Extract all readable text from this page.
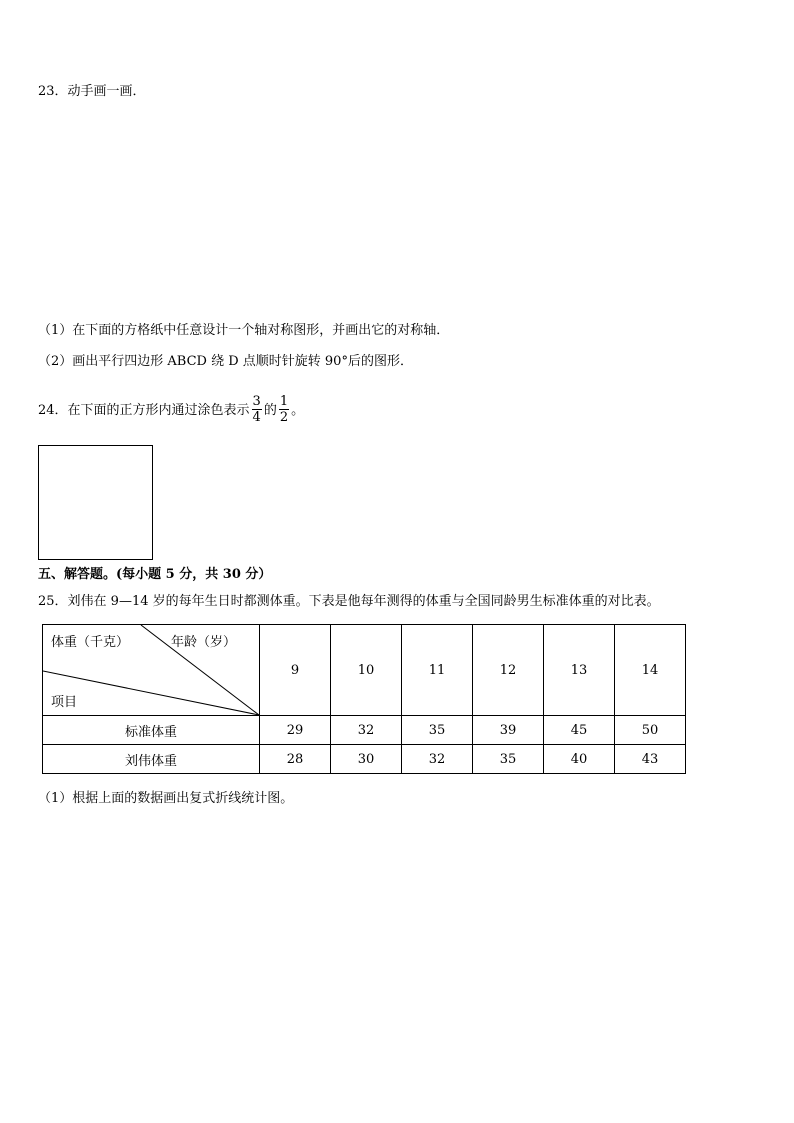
23．动手画一画．
（1）在下面的方格纸中任意设计一个轴对称图形，并画出它的对称轴．
（2）画出平行四边形 ABCD 绕 D 点顺时针旋转 90°后的图形．
24．在下面的正方形内通过涂色表示 $\frac{3}{4}$ 的 $\frac{1}{2}$ 。
五、解答题。(每小题 5 分，共 30 分）
25．刘伟在 9—14 岁的每年生日时都测体重。下表是他每年测得的体重与全国同龄男生标准体重的对比表。
体重（千克） 年龄（岁）
项目	9	10	11	12	13	14
标准体重	29	32	35	39	45	50
刘伟体重	28	30	32	35	40	43
（1）根据上面的数据画出复式折线统计图。
